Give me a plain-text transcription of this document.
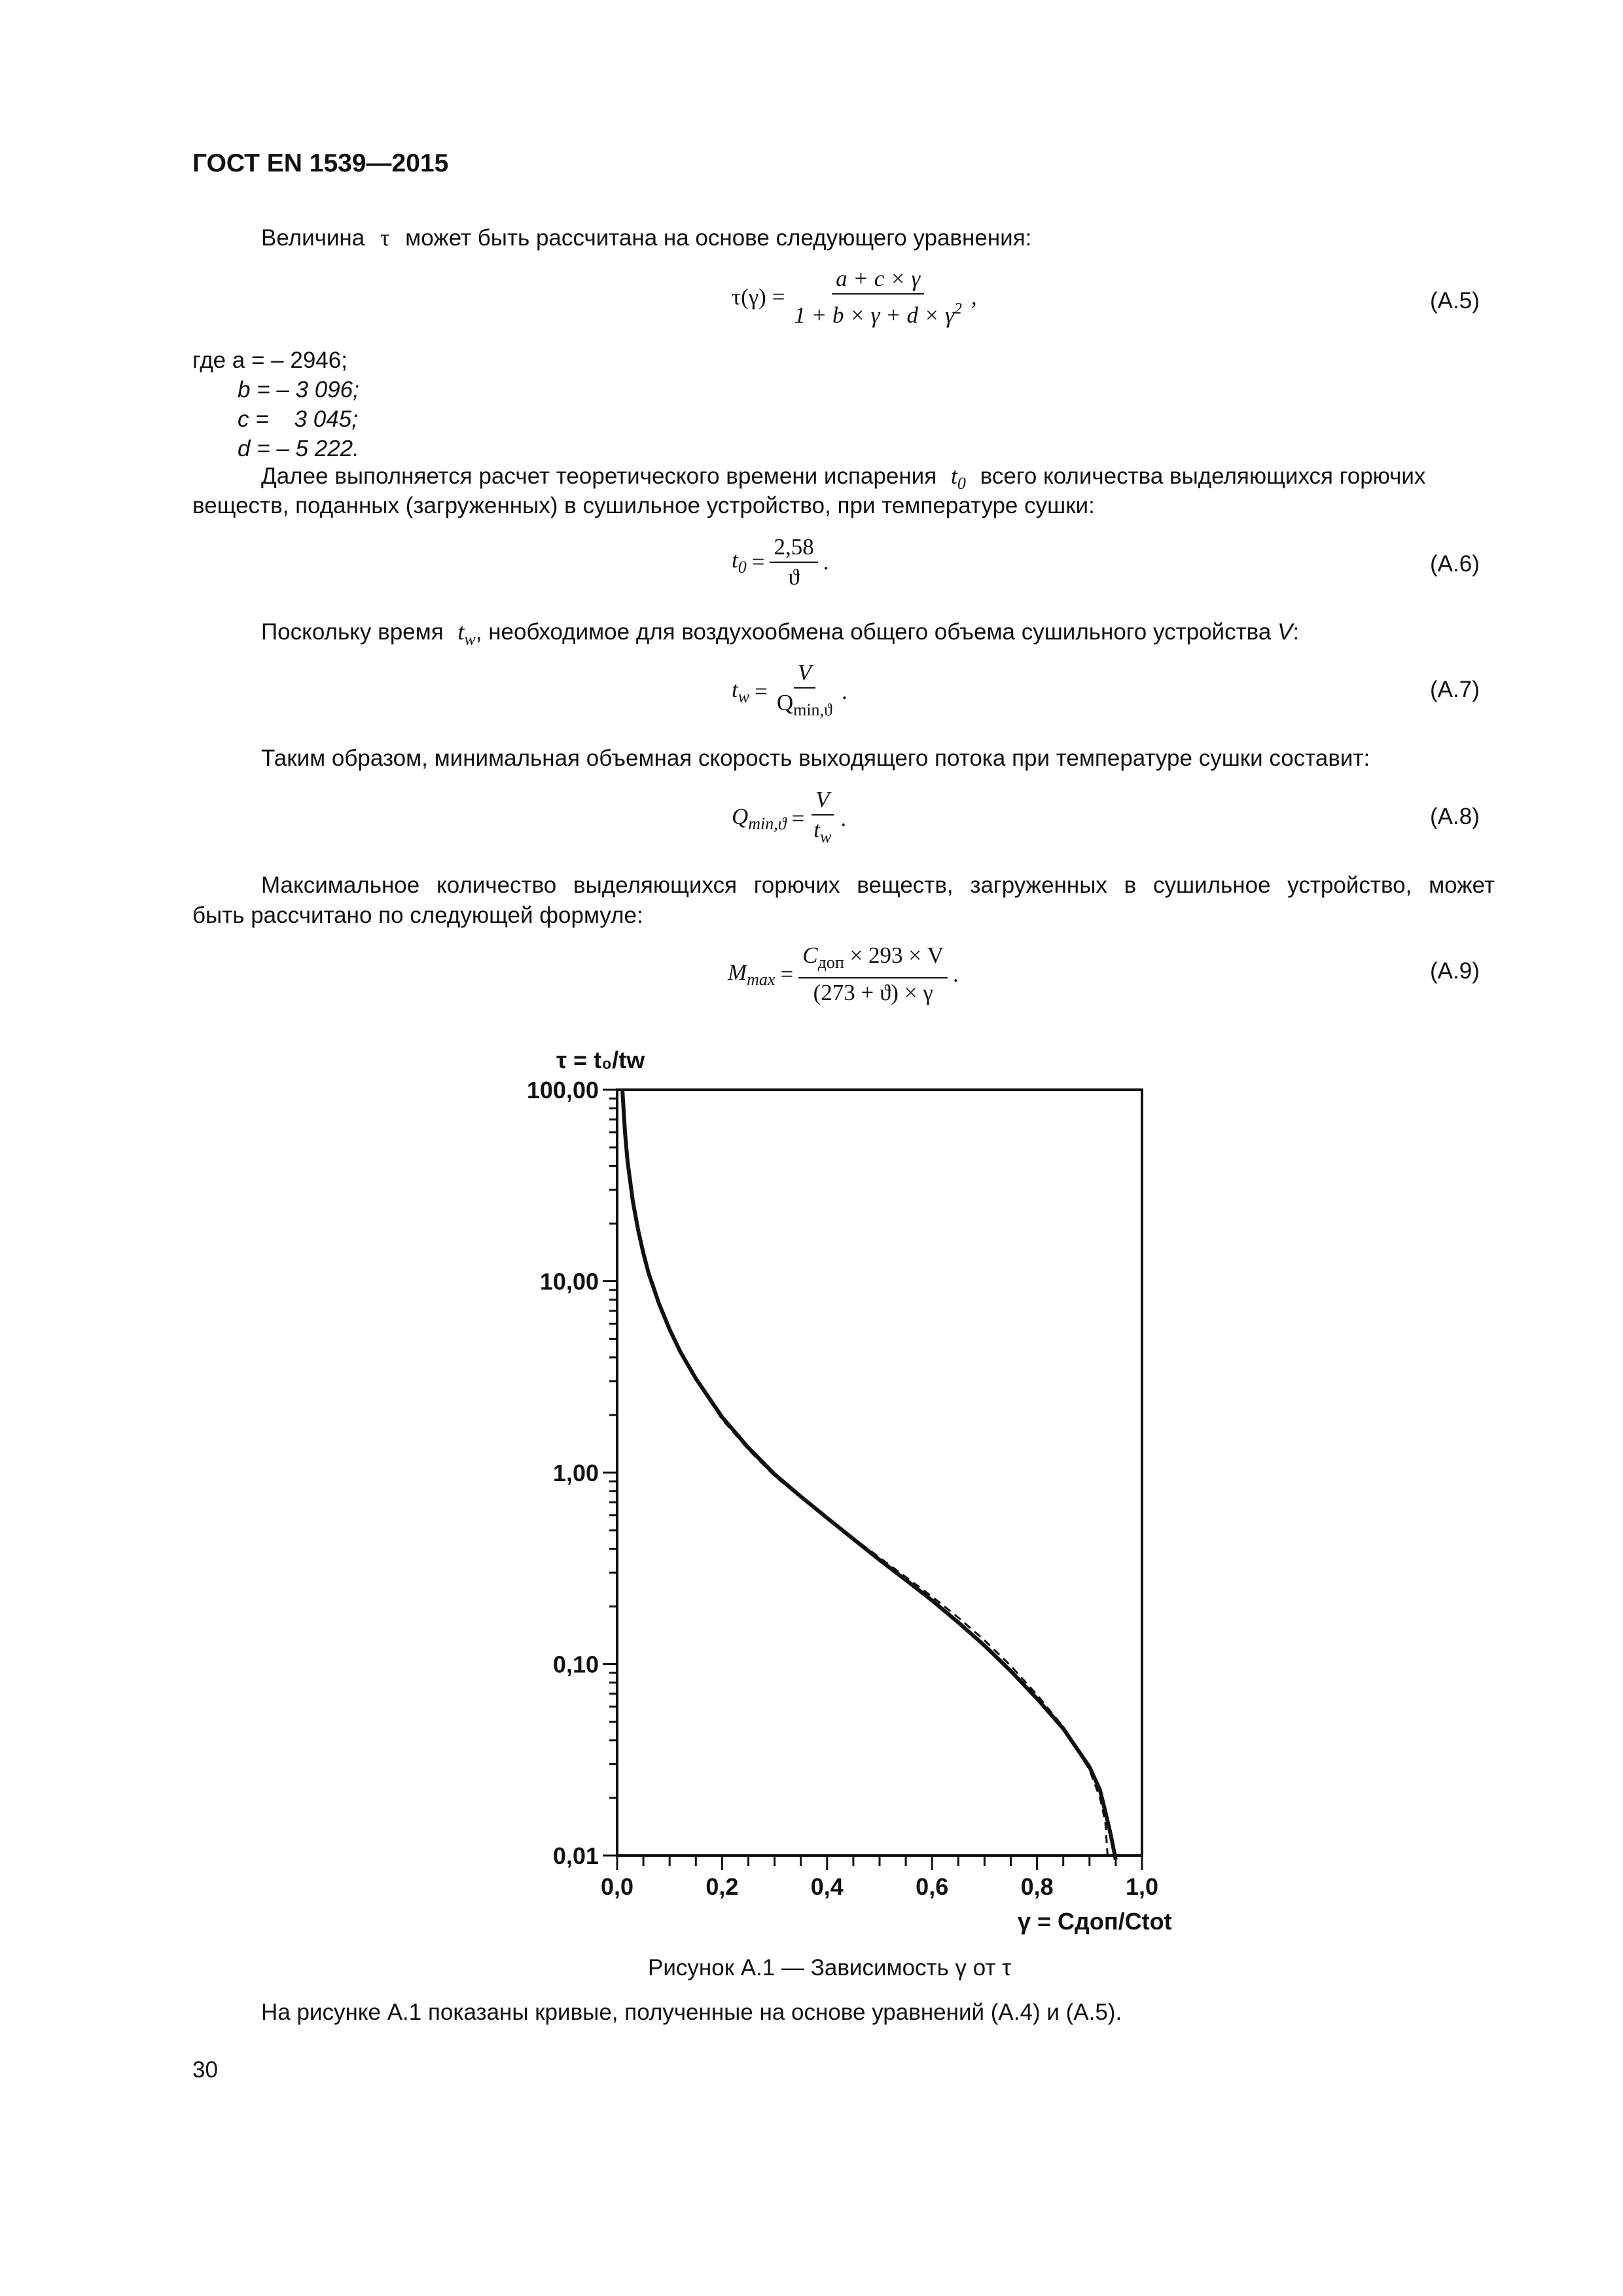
ГОСТ EN 1539—2015
Величина τ может быть рассчитана на основе следующего уравнения:
$\tau(\gamma) = \frac{a + c \times \gamma}{1 + b \times \gamma + d \times \gamma^2}$ ,	(A.5)
где a = – 2946;
b = – 3 096;
c =    3 045;
d = – 5 222.
Далее выполняется расчет теоретического времени испарения $t_0$ всего количества выделяющихся горючих
веществ, поданных (загруженных) в сушильное устройство, при температуре сушки:
$t_0 = \frac{2,58}{ϑ}$ .	(A.6)
Поскольку время $t_w$, необходимое для воздухообмена общего объема сушильного устройства V:
$t_w = \frac{V}{Q_{min,ϑ}}$ .	(A.7)
Таким образом, минимальная объемная скорость выходящего потока при температуре сушки составит:
$Q_{min,ϑ} = \frac{V}{t_w}$ .	(A.8)
Максимальное количество выделяющихся горючих веществ, загруженных в сушильное устройство, может
быть рассчитано по следующей формуле:
$M_{max} = \frac{C_{доп} \times 293 \times V}{(273 + ϑ) \times \gamma}$ .	(A.9)
100,00
10,00
1,00
0,10
0,01
0,0	0,2	0,4	0,6	0,8	1,0
τ = t₀/tw
γ = Cдоп/Ctot
Рисунок A.1 — Зависимость γ от τ
На рисунке A.1 показаны кривые, полученные на основе уравнений (A.4) и (A.5).
30
